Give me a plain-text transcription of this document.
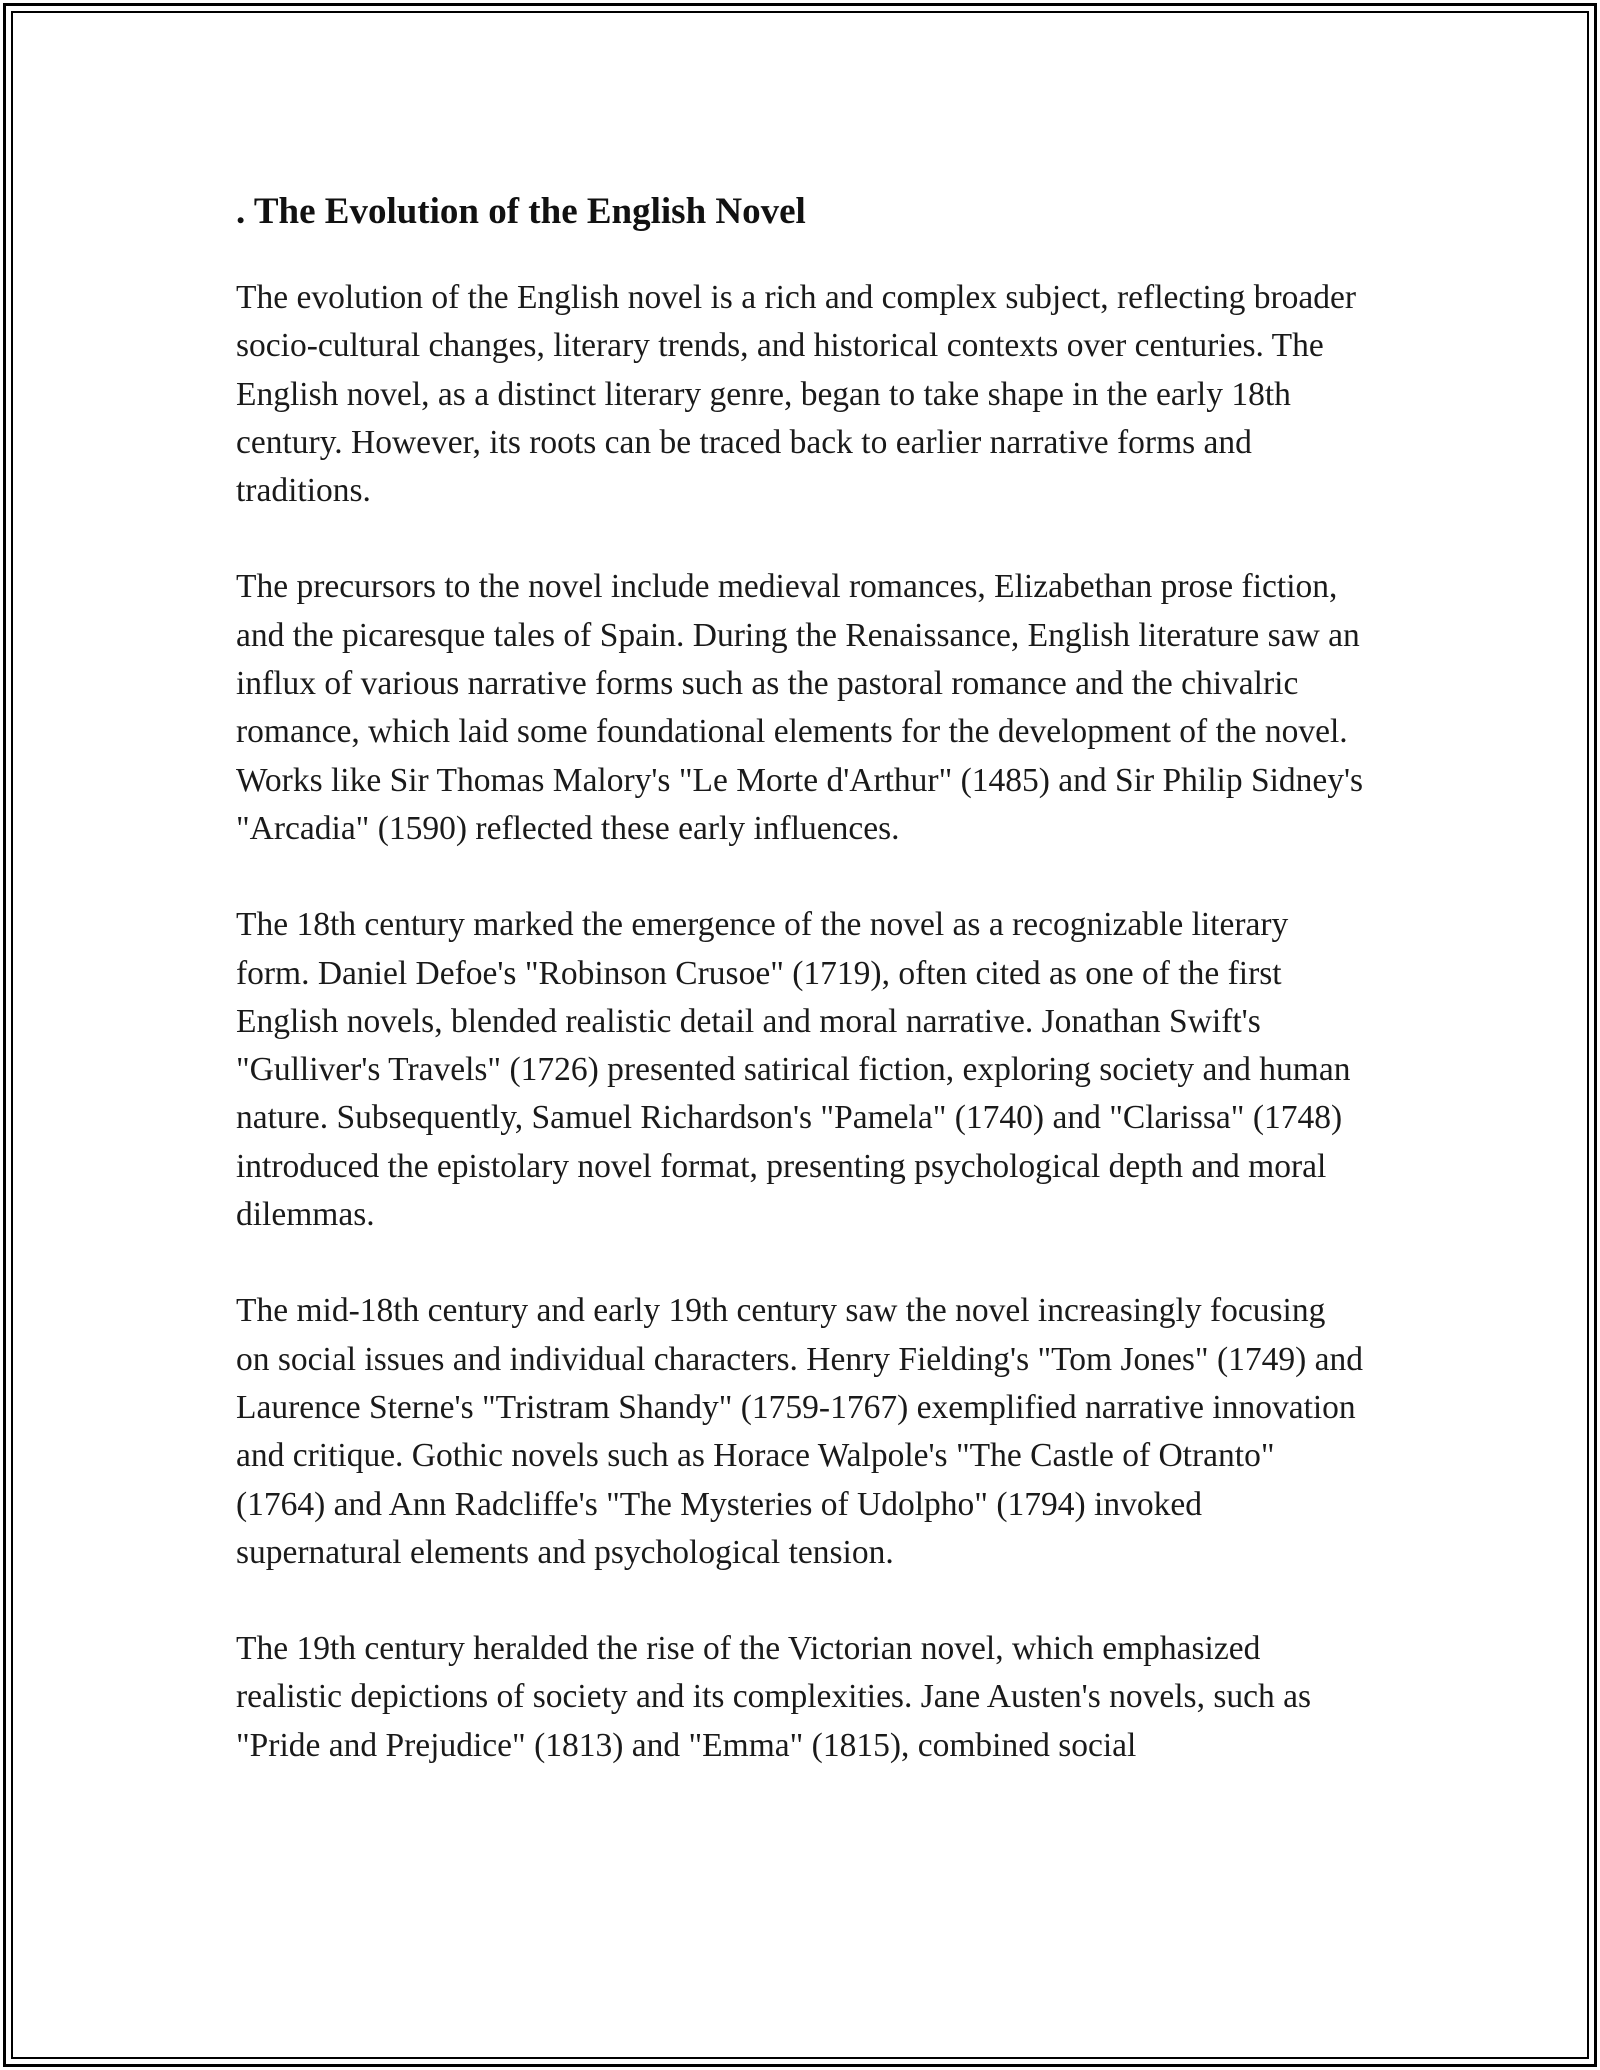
. The Evolution of the English Novel

The evolution of the English novel is a rich and complex subject, reflecting broader socio-cultural changes, literary trends, and historical contexts over centuries. The English novel, as a distinct literary genre, began to take shape in the early 18th century. However, its roots can be traced back to earlier narrative forms and traditions.

The precursors to the novel include medieval romances, Elizabethan prose fiction, and the picaresque tales of Spain. During the Renaissance, English literature saw an influx of various narrative forms such as the pastoral romance and the chivalric romance, which laid some foundational elements for the development of the novel. Works like Sir Thomas Malory's "Le Morte d'Arthur" (1485) and Sir Philip Sidney's "Arcadia" (1590) reflected these early influences.

The 18th century marked the emergence of the novel as a recognizable literary form. Daniel Defoe's "Robinson Crusoe" (1719), often cited as one of the first English novels, blended realistic detail and moral narrative. Jonathan Swift's "Gulliver's Travels" (1726) presented satirical fiction, exploring society and human nature. Subsequently, Samuel Richardson's "Pamela" (1740) and "Clarissa" (1748) introduced the epistolary novel format, presenting psychological depth and moral dilemmas.

The mid-18th century and early 19th century saw the novel increasingly focusing on social issues and individual characters. Henry Fielding's "Tom Jones" (1749) and Laurence Sterne's "Tristram Shandy" (1759-1767) exemplified narrative innovation and critique. Gothic novels such as Horace Walpole's "The Castle of Otranto" (1764) and Ann Radcliffe's "The Mysteries of Udolpho" (1794) invoked supernatural elements and psychological tension.

The 19th century heralded the rise of the Victorian novel, which emphasized realistic depictions of society and its complexities. Jane Austen's novels, such as "Pride and Prejudice" (1813) and "Emma" (1815), combined social
